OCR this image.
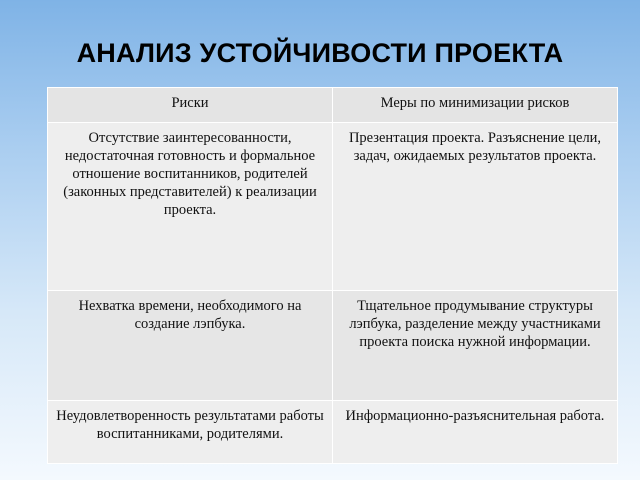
АНАЛИЗ УСТОЙЧИВОСТИ ПРОЕКТА
Риски	Меры по минимизации рисков
Отсутствие заинтересованности, недостаточная готовность и формальное отношение воспитанников, родителей (законных представителей) к реализации проекта.	Презентация проекта. Разъяснение цели, задач, ожидаемых результатов проекта.
Нехватка времени, необходимого на создание лэпбука.	Тщательное продумывание структуры лэпбука, разделение между участниками проекта поиска нужной информации.
Неудовлетворенность результатами работы воспитанниками, родителями.	Информационно-разъяснительная работа.
